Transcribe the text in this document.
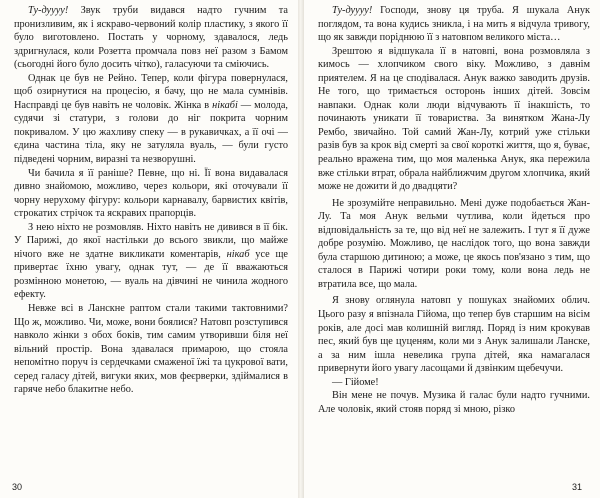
Ту-дуууу! Звук труби видався надто гучним та пронизливим, як і яскраво-червоний колір пластику, з якого її було виготовлено. Постать у чорному, здавалося, ледь здригнулася, коли Розетта промчала повз неї разом з Бамом (сьогодні його було досить чітко), галасуючи та сміючись.

Однак це був не Рейно. Тепер, коли фігура повернулася, щоб озирнутися на процесію, я бачу, що не мала сумнівів. Насправді це був навіть не чоловік. Жінка в нікабі — молода, судячи зі статури, з голови до ніг покрита чорним покривалом. У цю жахливу спеку — в рукавичках, а її очі — єдина частина тіла, яку не затуляла вуаль, — були густо підведені чорним, виразні та незворушні.

Чи бачила я її раніше? Певне, що ні. Її вона видавалася дивно знайомою, можливо, через кольори, які оточували її чорну нерухому фігуру: кольори карнавалу, барвистих квітів, строкатих стрічок та яскравих прапорців.

З нею ніхто не розмовляв. Ніхто навіть не дивився в її бік. У Парижі, до якої настільки до всього звикли, що майже нічого вже не здатне викликати коментарів, нікаб усе ще привертає їхню увагу, однак тут, — де її вважаються розмінною монетою, — вуаль на дівчині не чинила жодного ефекту.

Невже всі в Ланскне раптом стали такими тактовними? Що ж, можливо. Чи, може, вони боялися? Натовп розступився навколо жінки з обох боків, тим самим утворивши біля неї вільний простір. Вона здавалася примарою, що стояла непомітно поруч із сердечками смаженої їжі та цукрової вати, серед галасу дітей, вигуки яких, мов феєрверки, здіймалися в гаряче небо блакитне небо.

Ту-дуууу! Господи, знову ця труба. Я шукала Анук поглядом, та вона кудись зникла, і на мить я відчула тривогу, що як завжди поріднюю її з натовпом великого міста…

Зрештою я відшукала її в натовпі, вона розмовляла з кимось — хлопчиком свого віку. Можливо, з давнім приятелем. Я на це сподівалася. Анук важко заводить друзів. Не того, що тримається осторонь інших дітей. Зовсім навпаки. Однак коли люди відчувають її інакшість, то починають уникати її товариства. За винятком Жана-Лу Рембо, звичайно. Той самий Жан-Лу, котрий уже стільки разів був за крок від смерті за свої короткі життя, що я, буває, реально вражена тим, що моя маленька Анук, яка пережила вже стільки втрат, обрала найближчим другом хлопчика, який може не дожити й до двадцяти?

Не зрозумійте неправильно. Мені дуже подобається Жан-Лу. Та моя Анук вельми чутлива, коли йдеться про відповідальність за те, що від неї не залежить. І тут я її дуже добре розумію. Можливо, це наслідок того, що вона завжди була старшою дитиною; а може, це якось пов'язано з тим, що сталося в Парижі чотири роки тому, коли вона ледь не втратила все, що мала.

Я знову оглянула натовп у пошуках знайомих облич. Цього разу я впізнала Гійома, що тепер був старшим на вісім років, але досі мав колишній вигляд. Поряд із ним крокував пес, який був ще цуценям, коли ми з Анук залишали Ланске, а за ним ішла невелика група дітей, яка намагалася привернути його увагу ласощами й дзвінким щебечучи.

— Гійоме!

Він мене не почув. Музика й галас були надто гучними. Але чоловік, який стояв поряд зі мною, різко

30	31
